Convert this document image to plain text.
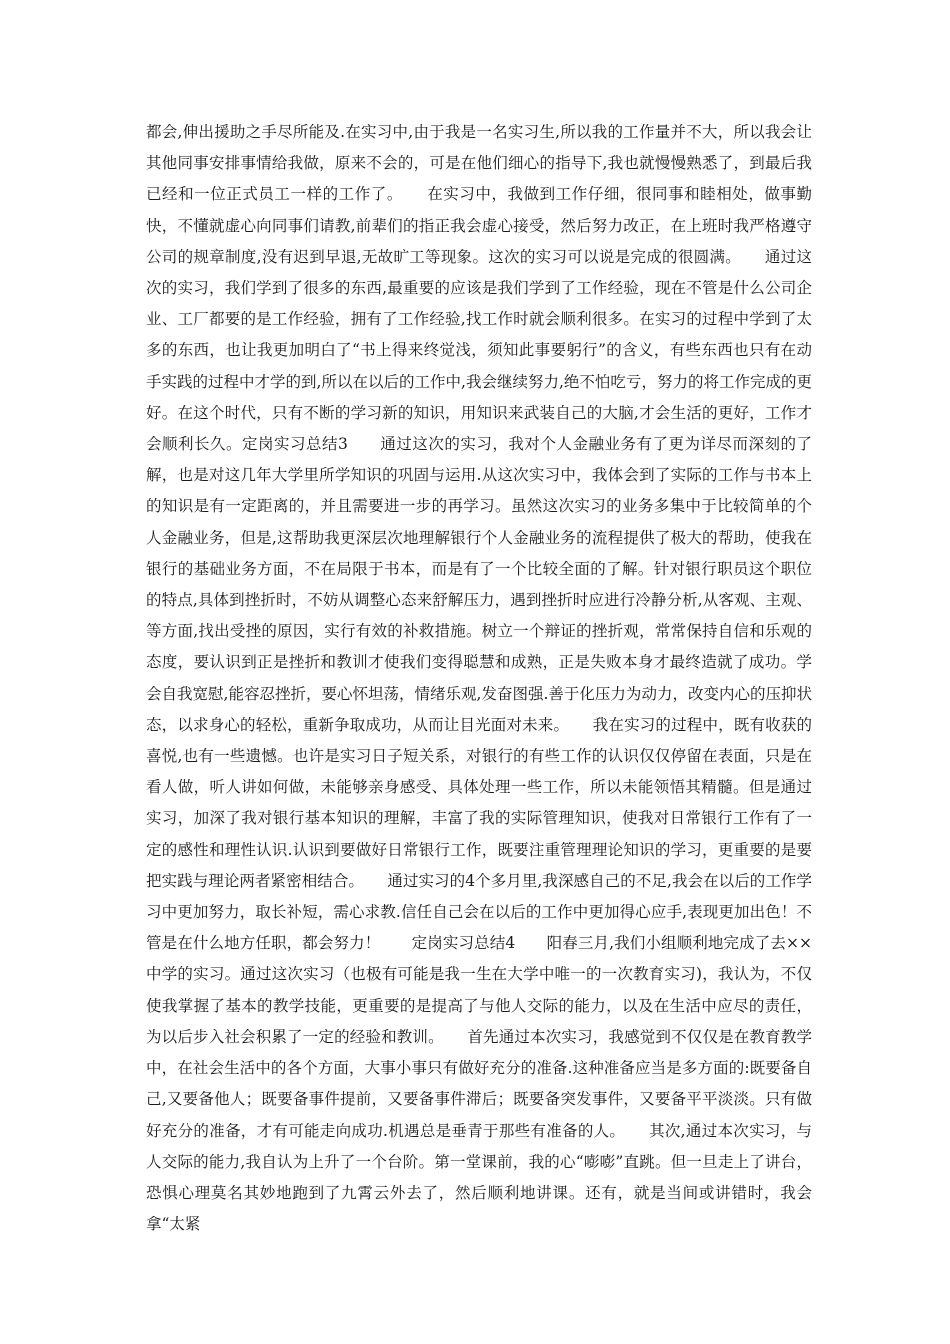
都会,伸出援助之手尽所能及.在实习中,由于我是一名实习生,所以我的工作量并不大，所以我会让其他同事安排事情给我做，原来不会的，可是在他们细心的指导下,我也就慢慢熟悉了，到最后我已经和一位正式员工一样的工作了。　　在实习中，我做到工作仔细，很同事和睦相处，做事勤快，不懂就虚心向同事们请教,前辈们的指正我会虚心接受，然后努力改正，在上班时我严格遵守公司的规章制度,没有迟到早退,无故旷工等现象。这次的实习可以说是完成的很圆满。　　通过这次的实习，我们学到了很多的东西,最重要的应该是我们学到了工作经验，现在不管是什么公司企业、工厂都要的是工作经验，拥有了工作经验,找工作时就会顺利很多。在实习的过程中学到了太多的东西，也让我更加明白了“书上得来终觉浅，须知此事要躬行”的含义，有些东西也只有在动手实践的过程中才学的到,所以在以后的工作中,我会继续努力,绝不怕吃亏，努力的将工作完成的更好。在这个时代，只有不断的学习新的知识，用知识来武装自己的大脑,才会生活的更好，工作才会顺利长久。定岗实习总结3　　通过这次的实习，我对个人金融业务有了更为详尽而深刻的了解，也是对这几年大学里所学知识的巩固与运用.从这次实习中，我体会到了实际的工作与书本上的知识是有一定距离的，并且需要进一步的再学习。虽然这次实习的业务多集中于比较简单的个人金融业务，但是,这帮助我更深层次地理解银行个人金融业务的流程提供了极大的帮助，使我在银行的基础业务方面，不在局限于书本，而是有了一个比较全面的了解。针对银行职员这个职位的特点,具体到挫折时，不妨从调整心态来舒解压力，遇到挫折时应进行冷静分析,从客观、主观、等方面,找出受挫的原因，实行有效的补救措施。树立一个辩证的挫折观，常常保持自信和乐观的态度，要认识到正是挫折和教训才使我们变得聪慧和成熟，正是失败本身才最终造就了成功。学会自我宽慰,能容忍挫折，要心怀坦荡，情绪乐观,发奋图强.善于化压力为动力，改变内心的压抑状态，以求身心的轻松，重新争取成功，从而让目光面对未来。　　我在实习的过程中，既有收获的喜悦,也有一些遗憾。也许是实习日子短关系，对银行的有些工作的认识仅仅停留在表面，只是在看人做，听人讲如何做，未能够亲身感受、具体处理一些工作，所以未能领悟其精髓。但是通过实习，加深了我对银行基本知识的理解，丰富了我的实际管理知识，使我对日常银行工作有了一定的感性和理性认识.认识到要做好日常银行工作，既要注重管理理论知识的学习，更重要的是要把实践与理论两者紧密相结合。　　通过实习的4个多月里,我深感自己的不足,我会在以后的工作学习中更加努力，取长补短，需心求教.信任自己会在以后的工作中更加得心应手,表现更加出色！不管是在什么地方任职，都会努力！　　定岗实习总结4　　阳春三月,我们小组顺利地完成了去××中学的实习。通过这次实习（也极有可能是我一生在大学中唯一的一次教育实习)，我认为，不仅使我掌握了基本的教学技能，更重要的是提高了与他人交际的能力，以及在生活中应尽的责任，为以后步入社会积累了一定的经验和教训。　　首先通过本次实习，我感觉到不仅仅是在教育教学中，在社会生活中的各个方面，大事小事只有做好充分的准备.这种准备应当是多方面的:既要备自己,又要备他人；既要备事件提前，又要备事件滞后；既要备突发事件，又要备平平淡淡。只有做好充分的准备，才有可能走向成功.机遇总是垂青于那些有准备的人。　　其次,通过本次实习，与人交际的能力,我自认为上升了一个台阶。第一堂课前，我的心“嘭嘭”直跳。但一旦走上了讲台，恐惧心理莫名其妙地跑到了九霄云外去了，然后顺利地讲课。还有，就是当间或讲错时，我会拿“太紧
